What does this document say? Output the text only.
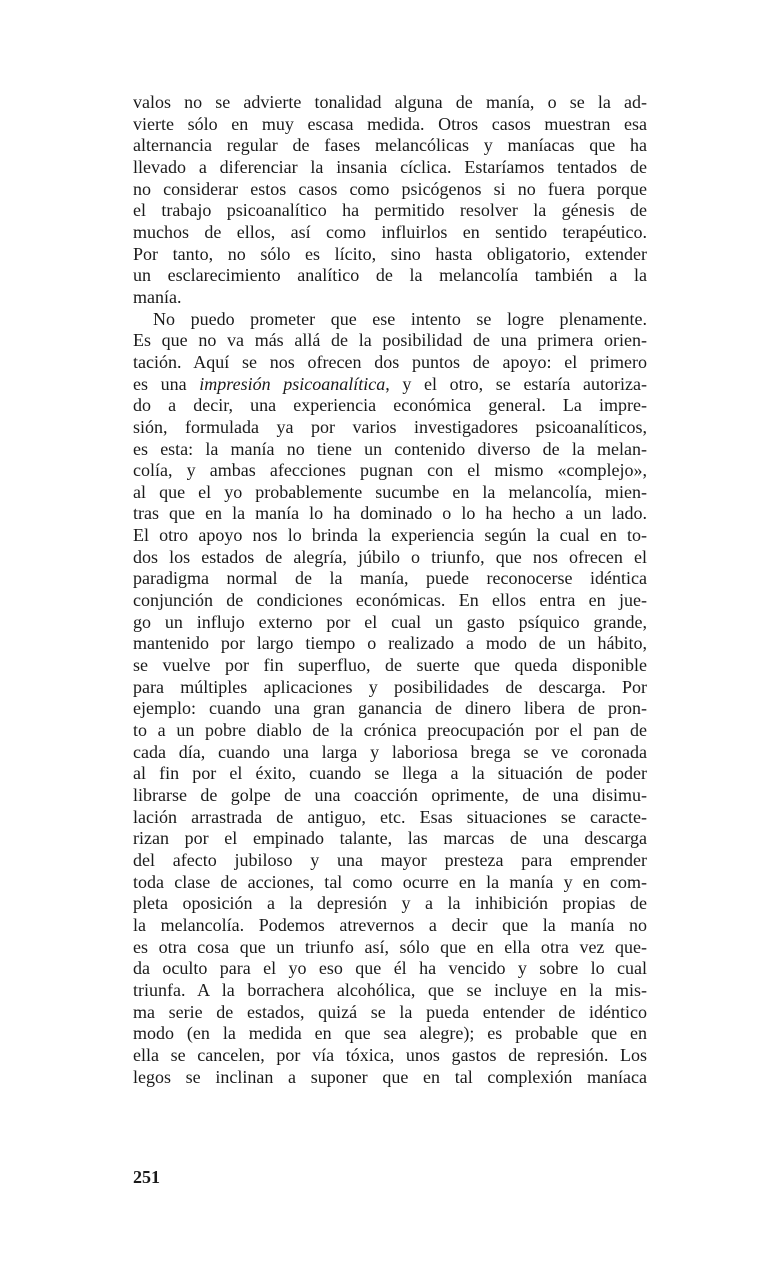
valos no se advierte tonalidad alguna de manía, o se la ad-
vierte sólo en muy escasa medida. Otros casos muestran esa
alternancia regular de fases melancólicas y maníacas que ha
llevado a diferenciar la insania cíclica. Estaríamos tentados de
no considerar estos casos como psicógenos si no fuera porque
el trabajo psicoanalítico ha permitido resolver la génesis de
muchos de ellos, así como influirlos en sentido terapéutico.
Por tanto, no sólo es lícito, sino hasta obligatorio, extender
un esclarecimiento analítico de la melancolía también a la
manía.
No puedo prometer que ese intento se logre plenamente.
Es que no va más allá de la posibilidad de una primera orien-
tación. Aquí se nos ofrecen dos puntos de apoyo: el primero
es una impresión psicoanalítica, y el otro, se estaría autoriza-
do a decir, una experiencia económica general. La impre-
sión, formulada ya por varios investigadores psicoanalíticos,
es esta: la manía no tiene un contenido diverso de la melan-
colía, y ambas afecciones pugnan con el mismo «complejo»,
al que el yo probablemente sucumbe en la melancolía, mien-
tras que en la manía lo ha dominado o lo ha hecho a un lado.
El otro apoyo nos lo brinda la experiencia según la cual en to-
dos los estados de alegría, júbilo o triunfo, que nos ofrecen el
paradigma normal de la manía, puede reconocerse idéntica
conjunción de condiciones económicas. En ellos entra en jue-
go un influjo externo por el cual un gasto psíquico grande,
mantenido por largo tiempo o realizado a modo de un hábito,
se vuelve por fin superfluo, de suerte que queda disponible
para múltiples aplicaciones y posibilidades de descarga. Por
ejemplo: cuando una gran ganancia de dinero libera de pron-
to a un pobre diablo de la crónica preocupación por el pan de
cada día, cuando una larga y laboriosa brega se ve coronada
al fin por el éxito, cuando se llega a la situación de poder
librarse de golpe de una coacción oprimente, de una disimu-
lación arrastrada de antiguo, etc. Esas situaciones se caracte-
rizan por el empinado talante, las marcas de una descarga
del afecto jubiloso y una mayor presteza para emprender
toda clase de acciones, tal como ocurre en la manía y en com-
pleta oposición a la depresión y a la inhibición propias de
la melancolía. Podemos atrevernos a decir que la manía no
es otra cosa que un triunfo así, sólo que en ella otra vez que-
da oculto para el yo eso que él ha vencido y sobre lo cual
triunfa. A la borrachera alcohólica, que se incluye en la mis-
ma serie de estados, quizá se la pueda entender de idéntico
modo (en la medida en que sea alegre); es probable que en
ella se cancelen, por vía tóxica, unos gastos de represión. Los
legos se inclinan a suponer que en tal complexión maníaca
251
